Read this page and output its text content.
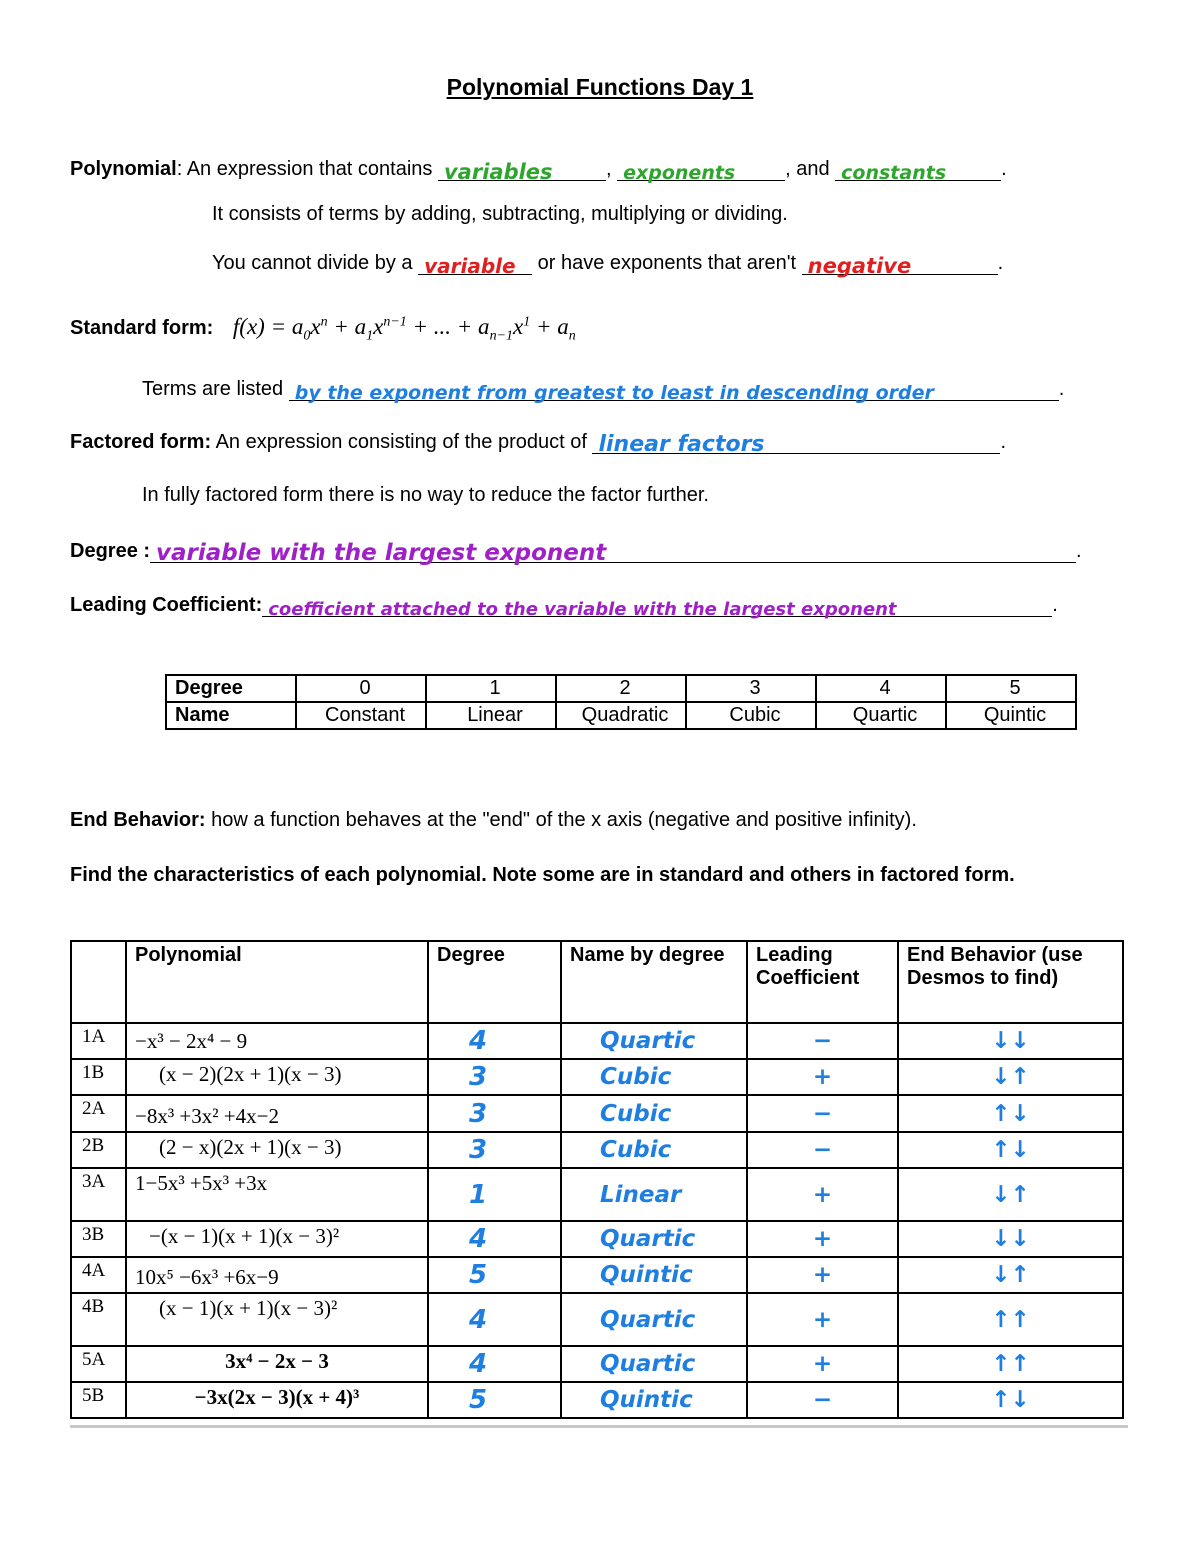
Polynomial Functions Day 1
Polynomial: An expression that contains variables	, exponents , and constants	.
It consists of terms by adding, subtracting, multiplying or dividing.
You cannot divide by a variable or have exponents that aren't negative	.
Standard form: $f(x) = a_0x^n + a_1x^{n-1}$ + ... + $a_{n-1}x^1 + a_n$
Terms are listed by the exponent from greatest to least in descending order	.
Factored form: An expression consisting of the product of linear factors	.
In fully factored form there is no way to reduce the factor further.
Degree : variable with the largest exponent	.
Leading Coefficient: coefficient attached to the variable with the largest exponent	.
Degree	0	1	2	3	4	5
Name	Constant	Linear	Quadratic	Cubic	Quartic	Quintic
End Behavior: how a function behaves at the "end" of the x axis (negative and positive infinity).
Find the characteristics of each polynomial. Note some are in standard and others in factored form.
	Polynomial	Degree	Name by degree	Leading Coefficient	End Behavior (use Desmos to find)
1A	−x³ − 2x⁴ − 9	4	Quartic	−	↓↓
1B	(x − 2)(2x + 1)(x − 3)	3	Cubic	+	↓↑
2A	−8x³ +3x² +4x−2	3	Cubic	−	↑↓
2B	(2 − x)(2x + 1)(x − 3)	3	Cubic	−	↑↓
3A	1−5x³ +5x³ +3x	1	Linear	+	↓↑
3B	−(x − 1)(x + 1)(x − 3)²	4	Quartic	+	↓↓
4A	10x⁵ −6x³ +6x−9	5	Quintic	+	↓↑
4B	(x − 1)(x + 1)(x − 3)²	4	Quartic	+	↑↑
5A	3x⁴ − 2x − 3	4	Quartic	+	↑↑
5B	−3x(2x − 3)(x + 4)³	5	Quintic	−	↑↓
